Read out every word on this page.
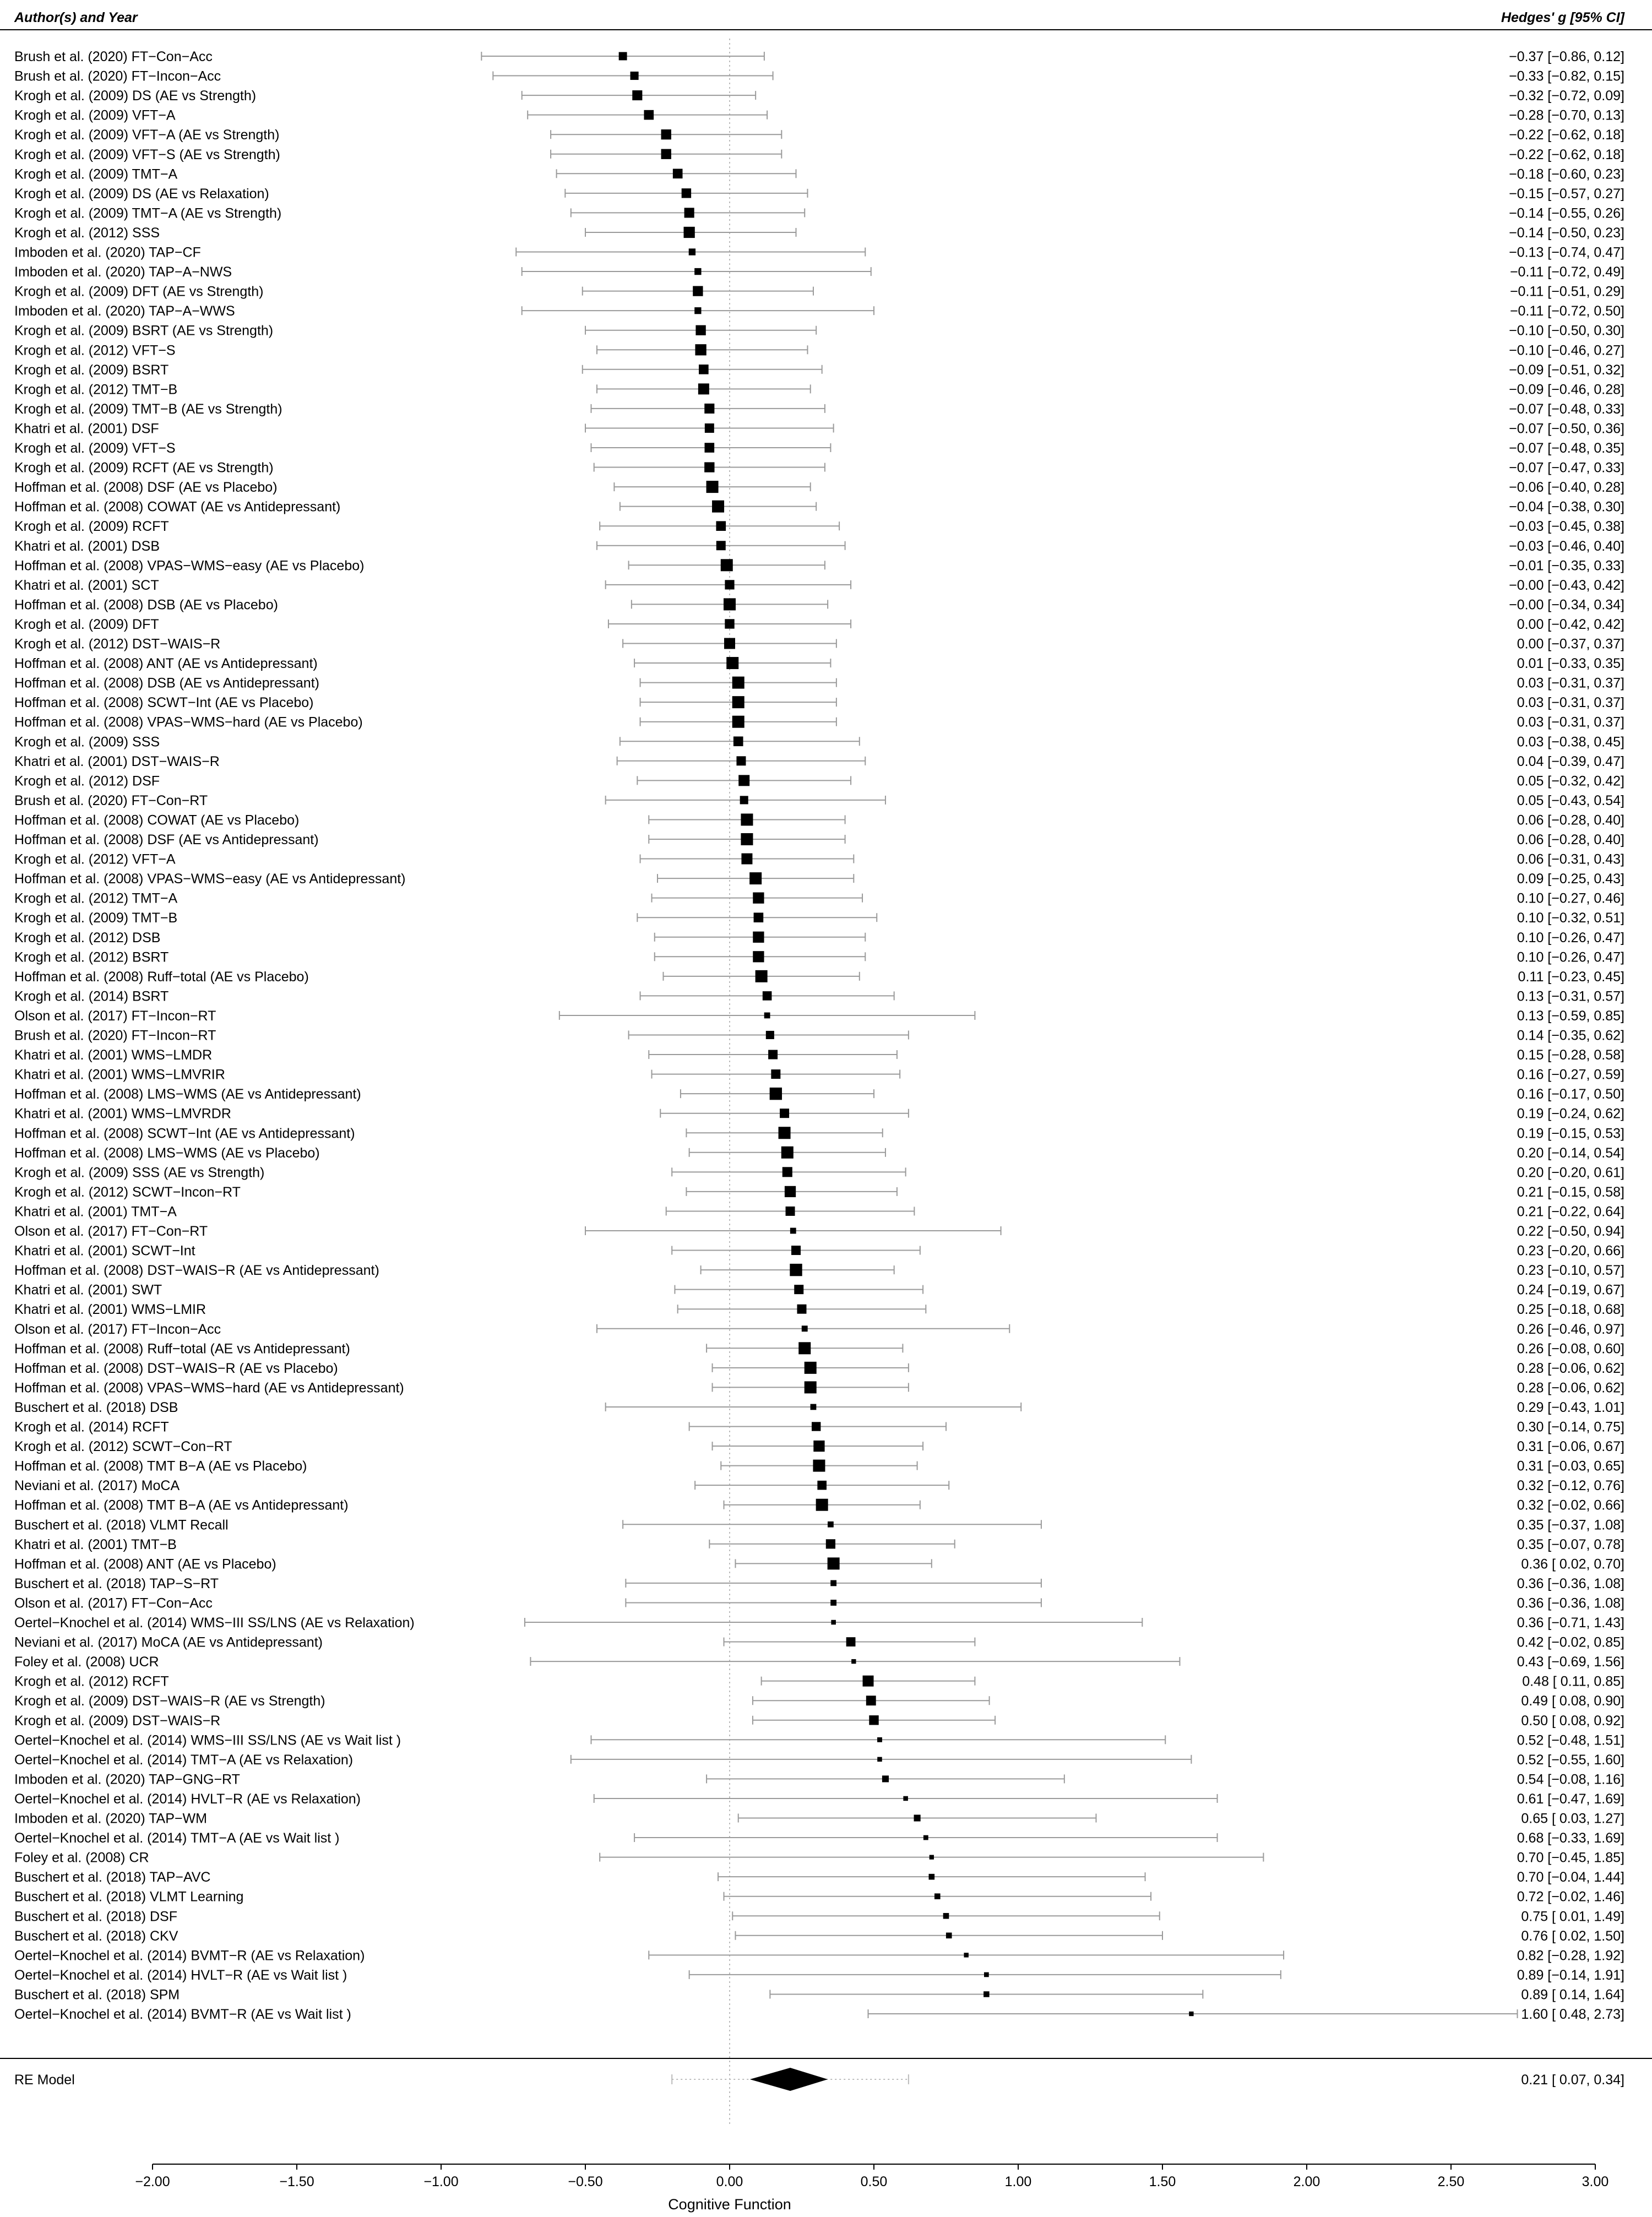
Author(s) and Year	Hedges' g [95% CI]
Brush et al. (2020) FT−Con−Acc	−0.37 [−0.86, 0.12]
Brush et al. (2020) FT−Incon−Acc	−0.33 [−0.82, 0.15]
Krogh et al. (2009) DS (AE vs Strength)	−0.32 [−0.72, 0.09]
Krogh et al. (2009) VFT−A	−0.28 [−0.70, 0.13]
Krogh et al. (2009) VFT−A (AE vs Strength)	−0.22 [−0.62, 0.18]
Krogh et al. (2009) VFT−S (AE vs Strength)	−0.22 [−0.62, 0.18]
Krogh et al. (2009) TMT−A	−0.18 [−0.60, 0.23]
Krogh et al. (2009) DS (AE vs Relaxation)	−0.15 [−0.57, 0.27]
Krogh et al. (2009) TMT−A (AE vs Strength)	−0.14 [−0.55, 0.26]
Krogh et al. (2012) SSS	−0.14 [−0.50, 0.23]
Imboden et al. (2020) TAP−CF	−0.13 [−0.74, 0.47]
Imboden et al. (2020) TAP−A−NWS	−0.11 [−0.72, 0.49]
Krogh et al. (2009) DFT (AE vs Strength)	−0.11 [−0.51, 0.29]
Imboden et al. (2020) TAP−A−WWS	−0.11 [−0.72, 0.50]
Krogh et al. (2009) BSRT (AE vs Strength)	−0.10 [−0.50, 0.30]
Krogh et al. (2012) VFT−S	−0.10 [−0.46, 0.27]
Krogh et al. (2009) BSRT	−0.09 [−0.51, 0.32]
Krogh et al. (2012) TMT−B	−0.09 [−0.46, 0.28]
Krogh et al. (2009) TMT−B (AE vs Strength)	−0.07 [−0.48, 0.33]
Khatri et al. (2001) DSF	−0.07 [−0.50, 0.36]
Krogh et al. (2009) VFT−S	−0.07 [−0.48, 0.35]
Krogh et al. (2009) RCFT (AE vs Strength)	−0.07 [−0.47, 0.33]
Hoffman et al. (2008) DSF (AE vs Placebo)	−0.06 [−0.40, 0.28]
Hoffman et al. (2008) COWAT (AE vs Antidepressant)	−0.04 [−0.38, 0.30]
Krogh et al. (2009) RCFT	−0.03 [−0.45, 0.38]
Khatri et al. (2001) DSB	−0.03 [−0.46, 0.40]
Hoffman et al. (2008) VPAS−WMS−easy (AE vs Placebo)	−0.01 [−0.35, 0.33]
Khatri et al. (2001) SCT	−0.00 [−0.43, 0.42]
Hoffman et al. (2008) DSB (AE vs Placebo)	−0.00 [−0.34, 0.34]
Krogh et al. (2009) DFT	0.00 [−0.42, 0.42]
Krogh et al. (2012) DST−WAIS−R	0.00 [−0.37, 0.37]
Hoffman et al. (2008) ANT (AE vs Antidepressant)	0.01 [−0.33, 0.35]
Hoffman et al. (2008) DSB (AE vs Antidepressant)	0.03 [−0.31, 0.37]
Hoffman et al. (2008) SCWT−Int (AE vs Placebo)	0.03 [−0.31, 0.37]
Hoffman et al. (2008) VPAS−WMS−hard (AE vs Placebo)	0.03 [−0.31, 0.37]
Krogh et al. (2009) SSS	0.03 [−0.38, 0.45]
Khatri et al. (2001) DST−WAIS−R	0.04 [−0.39, 0.47]
Krogh et al. (2012) DSF	0.05 [−0.32, 0.42]
Brush et al. (2020) FT−Con−RT	0.05 [−0.43, 0.54]
Hoffman et al. (2008) COWAT (AE vs Placebo)	0.06 [−0.28, 0.40]
Hoffman et al. (2008) DSF (AE vs Antidepressant)	0.06 [−0.28, 0.40]
Krogh et al. (2012) VFT−A	0.06 [−0.31, 0.43]
Hoffman et al. (2008) VPAS−WMS−easy (AE vs Antidepressant)	0.09 [−0.25, 0.43]
Krogh et al. (2012) TMT−A	0.10 [−0.27, 0.46]
Krogh et al. (2009) TMT−B	0.10 [−0.32, 0.51]
Krogh et al. (2012) DSB	0.10 [−0.26, 0.47]
Krogh et al. (2012) BSRT	0.10 [−0.26, 0.47]
Hoffman et al. (2008) Ruff−total (AE vs Placebo)	0.11 [−0.23, 0.45]
Krogh et al. (2014) BSRT	0.13 [−0.31, 0.57]
Olson et al. (2017) FT−Incon−RT	0.13 [−0.59, 0.85]
Brush et al. (2020) FT−Incon−RT	0.14 [−0.35, 0.62]
Khatri et al. (2001) WMS−LMDR	0.15 [−0.28, 0.58]
Khatri et al. (2001) WMS−LMVRIR	0.16 [−0.27, 0.59]
Hoffman et al. (2008) LMS−WMS (AE vs Antidepressant)	0.16 [−0.17, 0.50]
Khatri et al. (2001) WMS−LMVRDR	0.19 [−0.24, 0.62]
Hoffman et al. (2008) SCWT−Int (AE vs Antidepressant)	0.19 [−0.15, 0.53]
Hoffman et al. (2008) LMS−WMS (AE vs Placebo)	0.20 [−0.14, 0.54]
Krogh et al. (2009) SSS (AE vs Strength)	0.20 [−0.20, 0.61]
Krogh et al. (2012) SCWT−Incon−RT	0.21 [−0.15, 0.58]
Khatri et al. (2001) TMT−A	0.21 [−0.22, 0.64]
Olson et al. (2017) FT−Con−RT	0.22 [−0.50, 0.94]
Khatri et al. (2001) SCWT−Int	0.23 [−0.20, 0.66]
Hoffman et al. (2008) DST−WAIS−R (AE vs Antidepressant)	0.23 [−0.10, 0.57]
Khatri et al. (2001) SWT	0.24 [−0.19, 0.67]
Khatri et al. (2001) WMS−LMIR	0.25 [−0.18, 0.68]
Olson et al. (2017) FT−Incon−Acc	0.26 [−0.46, 0.97]
Hoffman et al. (2008) Ruff−total (AE vs Antidepressant)	0.26 [−0.08, 0.60]
Hoffman et al. (2008) DST−WAIS−R (AE vs Placebo)	0.28 [−0.06, 0.62]
Hoffman et al. (2008) VPAS−WMS−hard (AE vs Antidepressant)	0.28 [−0.06, 0.62]
Buschert et al. (2018) DSB	0.29 [−0.43, 1.01]
Krogh et al. (2014) RCFT	0.30 [−0.14, 0.75]
Krogh et al. (2012) SCWT−Con−RT	0.31 [−0.06, 0.67]
Hoffman et al. (2008) TMT B−A (AE vs Placebo)	0.31 [−0.03, 0.65]
Neviani et al. (2017) MoCA	0.32 [−0.12, 0.76]
Hoffman et al. (2008) TMT B−A (AE vs Antidepressant)	0.32 [−0.02, 0.66]
Buschert et al. (2018) VLMT Recall	0.35 [−0.37, 1.08]
Khatri et al. (2001) TMT−B	0.35 [−0.07, 0.78]
Hoffman et al. (2008) ANT (AE vs Placebo)	0.36 [ 0.02, 0.70]
Buschert et al. (2018) TAP−S−RT	0.36 [−0.36, 1.08]
Olson et al. (2017) FT−Con−Acc	0.36 [−0.36, 1.08]
Oertel−Knochel et al. (2014) WMS−III SS/LNS (AE vs Relaxation)	0.36 [−0.71, 1.43]
Neviani et al. (2017) MoCA (AE vs Antidepressant)	0.42 [−0.02, 0.85]
Foley et al. (2008) UCR	0.43 [−0.69, 1.56]
Krogh et al. (2012) RCFT	0.48 [ 0.11, 0.85]
Krogh et al. (2009) DST−WAIS−R (AE vs Strength)	0.49 [ 0.08, 0.90]
Krogh et al. (2009) DST−WAIS−R	0.50 [ 0.08, 0.92]
Oertel−Knochel et al. (2014) WMS−III SS/LNS (AE vs Wait list )	0.52 [−0.48, 1.51]
Oertel−Knochel et al. (2014) TMT−A (AE vs Relaxation)	0.52 [−0.55, 1.60]
Imboden et al. (2020) TAP−GNG−RT	0.54 [−0.08, 1.16]
Oertel−Knochel et al. (2014) HVLT−R (AE vs Relaxation)	0.61 [−0.47, 1.69]
Imboden et al. (2020) TAP−WM	0.65 [ 0.03, 1.27]
Oertel−Knochel et al. (2014) TMT−A (AE vs Wait list )	0.68 [−0.33, 1.69]
Foley et al. (2008) CR	0.70 [−0.45, 1.85]
Buschert et al. (2018) TAP−AVC	0.70 [−0.04, 1.44]
Buschert et al. (2018) VLMT Learning	0.72 [−0.02, 1.46]
Buschert et al. (2018) DSF	0.75 [ 0.01, 1.49]
Buschert et al. (2018) CKV	0.76 [ 0.02, 1.50]
Oertel−Knochel et al. (2014) BVMT−R (AE vs Relaxation)	0.82 [−0.28, 1.92]
Oertel−Knochel et al. (2014) HVLT−R (AE vs Wait list )	0.89 [−0.14, 1.91]
Buschert et al. (2018) SPM	0.89 [ 0.14, 1.64]
Oertel−Knochel et al. (2014) BVMT−R (AE vs Wait list )	1.60 [ 0.48, 2.73]
RE Model	0.21 [ 0.07, 0.34]
−2.00	−1.50	−1.00	−0.50	0.00	0.50	1.00	1.50	2.00	2.50	3.00
Cognitive Function
